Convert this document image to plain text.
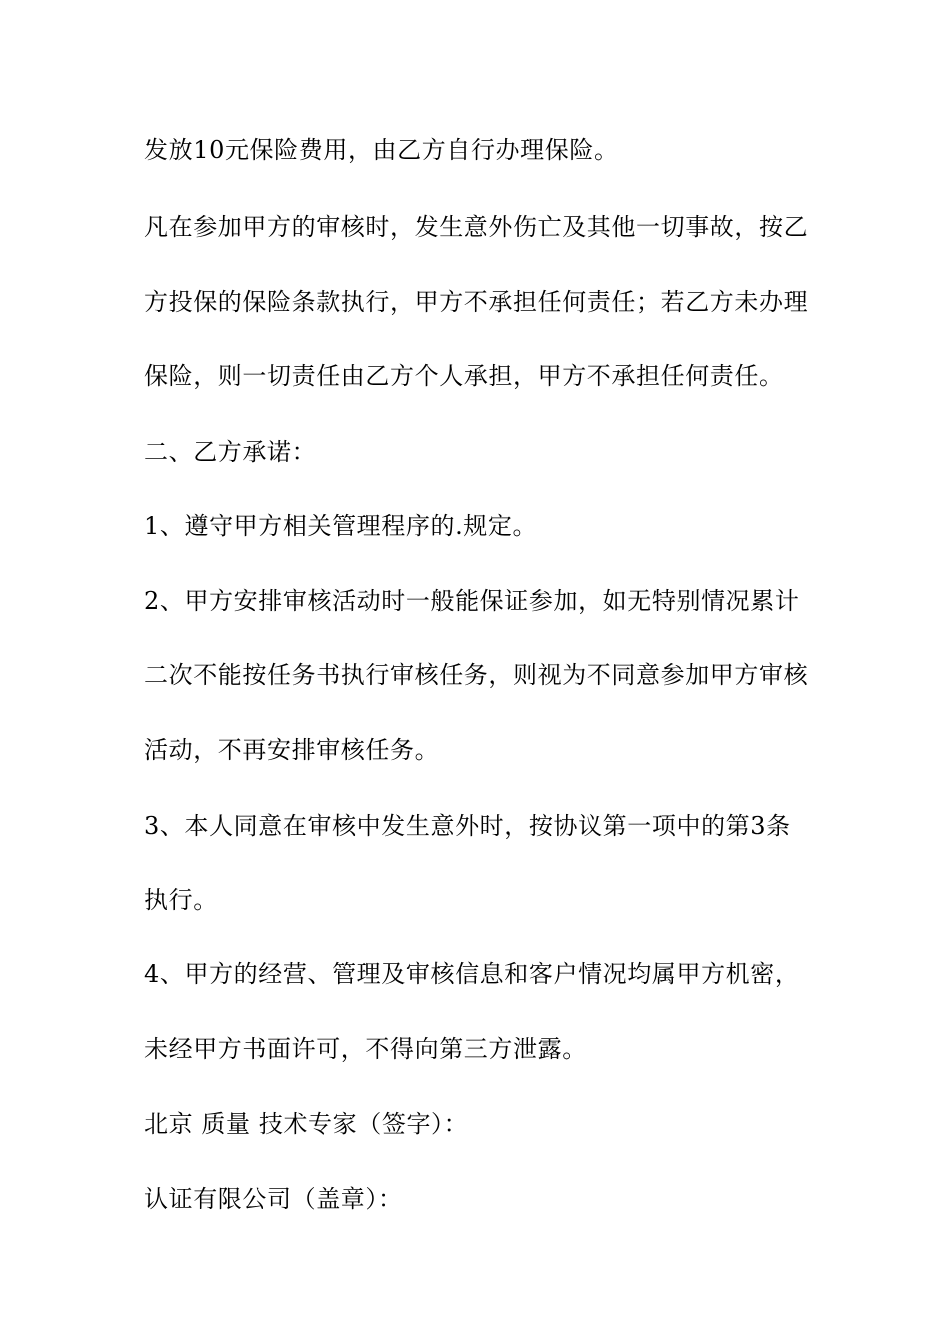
发放10元保险费用，由乙方自行办理保险。
凡在参加甲方的审核时，发生意外伤亡及其他一切事故，按乙
方投保的保险条款执行，甲方不承担任何责任；若乙方未办理
保险，则一切责任由乙方个人承担，甲方不承担任何责任。
二、乙方承诺：
1、遵守甲方相关管理程序的.规定。
2、甲方安排审核活动时一般能保证参加，如无特别情况累计
二次不能按任务书执行审核任务，则视为不同意参加甲方审核
活动，不再安排审核任务。
3、本人同意在审核中发生意外时，按协议第一项中的第3条
执行。
4、甲方的经营、管理及审核信息和客户情况均属甲方机密，
未经甲方书面许可，不得向第三方泄露。
北京 质量 技术专家（签字）：
认证有限公司（盖章）：
